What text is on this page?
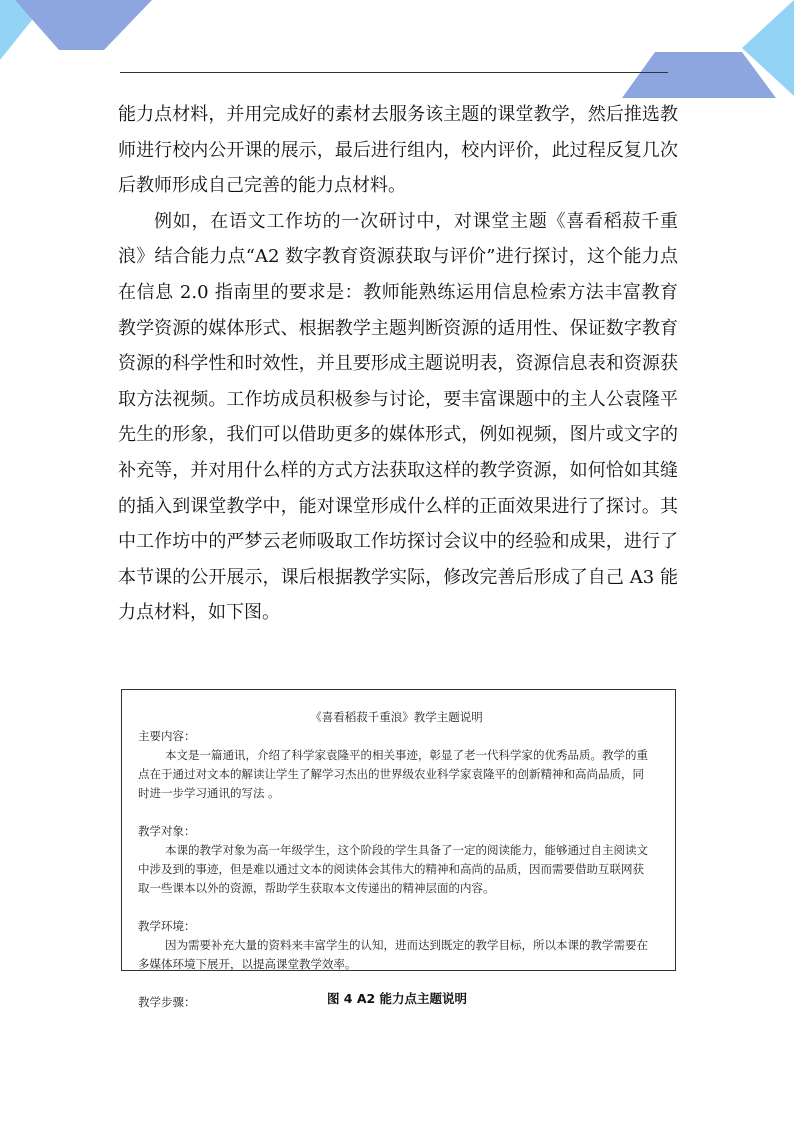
能力点材料，并用完成好的素材去服务该主题的课堂教学，然后推选教师进行校内公开课的展示，最后进行组内，校内评价，此过程反复几次后教师形成自己完善的能力点材料。

例如，在语文工作坊的一次研讨中，对课堂主题《喜看稻菽千重浪》结合能力点“A2 数字教育资源获取与评价”进行探讨，这个能力点在信息 2.0 指南里的要求是：教师能熟练运用信息检索方法丰富教育教学资源的媒体形式、根据教学主题判断资源的适用性、保证数字教育资源的科学性和时效性，并且要形成主题说明表，资源信息表和资源获取方法视频。工作坊成员积极参与讨论，要丰富课题中的主人公袁隆平先生的形象，我们可以借助更多的媒体形式，例如视频，图片或文字的补充等，并对用什么样的方式方法获取这样的教学资源，如何恰如其缝的插入到课堂教学中，能对课堂形成什么样的正面效果进行了探讨。其中工作坊中的严梦云老师吸取工作坊探讨会议中的经验和成果，进行了本节课的公开展示，课后根据教学实际，修改完善后形成了自己 A3 能力点材料，如下图。

《喜看稻菽千重浪》教学主题说明
主要内容：
本文是一篇通讯，介绍了科学家袁隆平的相关事迹，彰显了老一代科学家的优秀品质。教学的重点在于通过对文本的解读让学生了解学习杰出的世界级农业科学家袁隆平的创新精神和高尚品质，同时进一步学习通讯的写法 。
教学对象：
本课的教学对象为高一年级学生，这个阶段的学生具备了一定的阅读能力，能够通过自主阅读文中涉及到的事迹，但是难以通过文本的阅读体会其伟大的精神和高尚的品质，因而需要借助互联网获取一些课本以外的资源，帮助学生获取本文传递出的精神层面的内容。
教学环境：
因为需要补充大量的资料来丰富学生的认知，进而达到既定的教学目标，所以本课的教学需要在多媒体环境下展开，以提高课堂教学效率。
教学步骤：	图 4 A2 能力点主题说明
